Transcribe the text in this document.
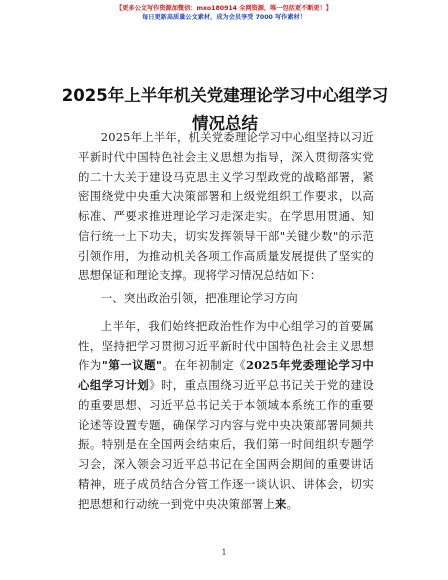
【更多公文写作资源加微信：mxo180914 全网资源，唯一包括更不断更！】
每日更新高质量公文素材，成为会员享受 7000 写作素材！
2025年上半年机关党建理论学习中心组学习情况总结

2025年上半年，机关党委理论学习中心组坚持以习近平新时代中国特色社会主义思想为指导，深入贯彻落实党的二十大关于建设马克思主义学习型政党的战略部署，紧密围绕党中央重大决策部署和上级党组织工作要求，以高标准、严要求推进理论学习走深走实。在学思用贯通、知信行统一上下功夫，切实发挥领导干部"关键少数"的示范引领作用，为推动机关各项工作高质量发展提供了坚实的思想保证和理论支撑。现将学习情况总结如下：

一、突出政治引领，把准理论学习方向

上半年，我们始终把政治性作为中心组学习的首要属性，坚持把学习贯彻习近平新时代中国特色社会主义思想作为"第一议题"。在年初制定《2025年党委理论学习中心组学习计划》时，重点围绕习近平总书记关于党的建设的重要思想、习近平总书记关于本领域本系统工作的重要论述等设置专题，确保学习内容与党中央决策部署同频共振。特别是在全国两会结束后，我们第一时间组织专题学习会，深入领会习近平总书记在全国两会期间的重要讲话精神，班子成员结合分管工作逐一谈认识、讲体会，切实把思想和行动统一到党中央决策部署上来。

1
